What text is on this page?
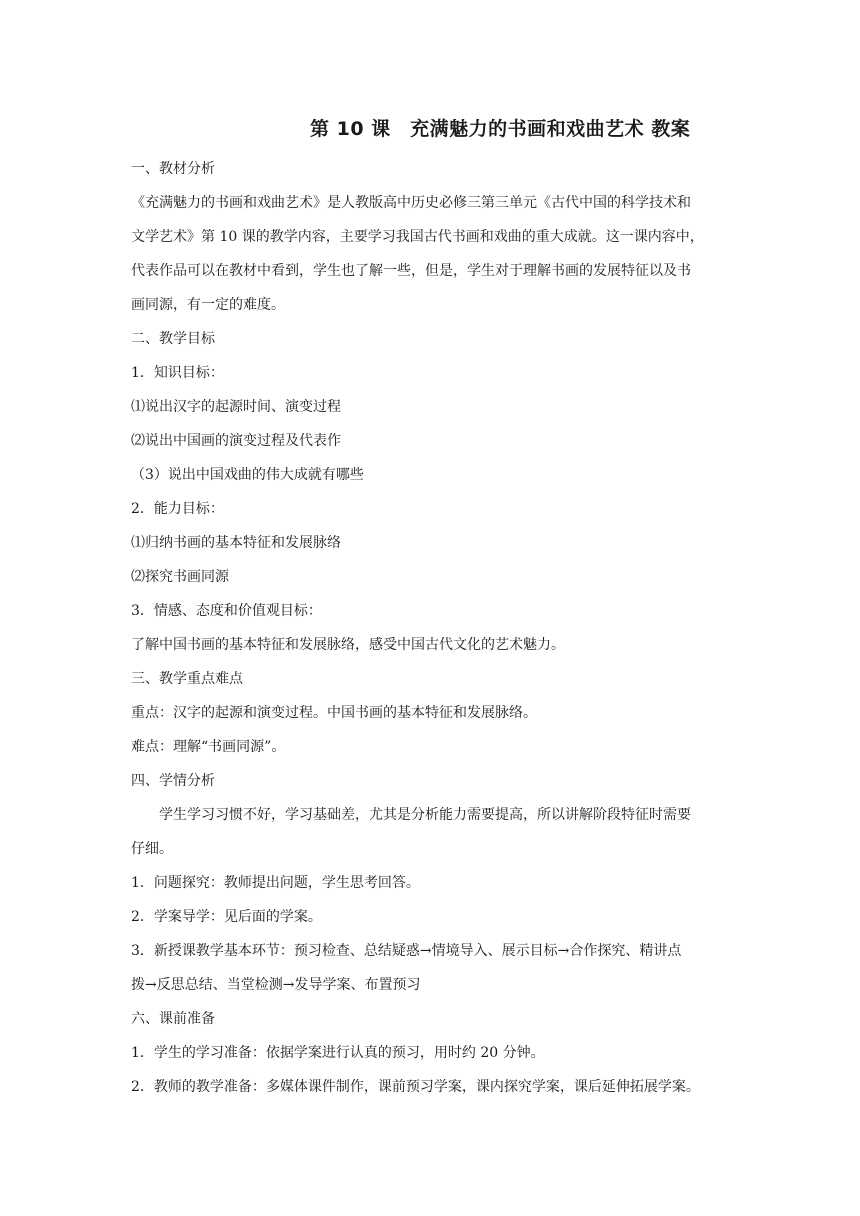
第 10 课　充满魅力的书画和戏曲艺术 教案

一、教材分析

《充满魅力的书画和戏曲艺术》是人教版高中历史必修三第三单元《古代中国的科学技术和

文学艺术》第 10 课的教学内容，主要学习我国古代书画和戏曲的重大成就。这一课内容中，

代表作品可以在教材中看到，学生也了解一些，但是，学生对于理解书画的发展特征以及书

画同源，有一定的难度。

二、教学目标

1．知识目标：

⑴说出汉字的起源时间、演变过程

⑵说出中国画的演变过程及代表作

（3）说出中国戏曲的伟大成就有哪些

2．能力目标：

⑴归纳书画的基本特征和发展脉络

⑵探究书画同源

3．情感、态度和价值观目标：

了解中国书画的基本特征和发展脉络，感受中国古代文化的艺术魅力。

三、教学重点难点

重点：汉字的起源和演变过程。中国书画的基本特征和发展脉络。

难点：理解“书画同源”。

四、学情分析

学生学习习惯不好，学习基础差，尤其是分析能力需要提高，所以讲解阶段特征时需要

仔细。

1．问题探究：教师提出问题，学生思考回答。

2．学案导学：见后面的学案。

3．新授课教学基本环节：预习检查、总结疑惑→情境导入、展示目标→合作探究、精讲点

拨→反思总结、当堂检测→发导学案、布置预习

六、课前准备

1．学生的学习准备：依据学案进行认真的预习，用时约 20 分钟。

2．教师的教学准备：多媒体课件制作，课前预习学案，课内探究学案，课后延伸拓展学案。
